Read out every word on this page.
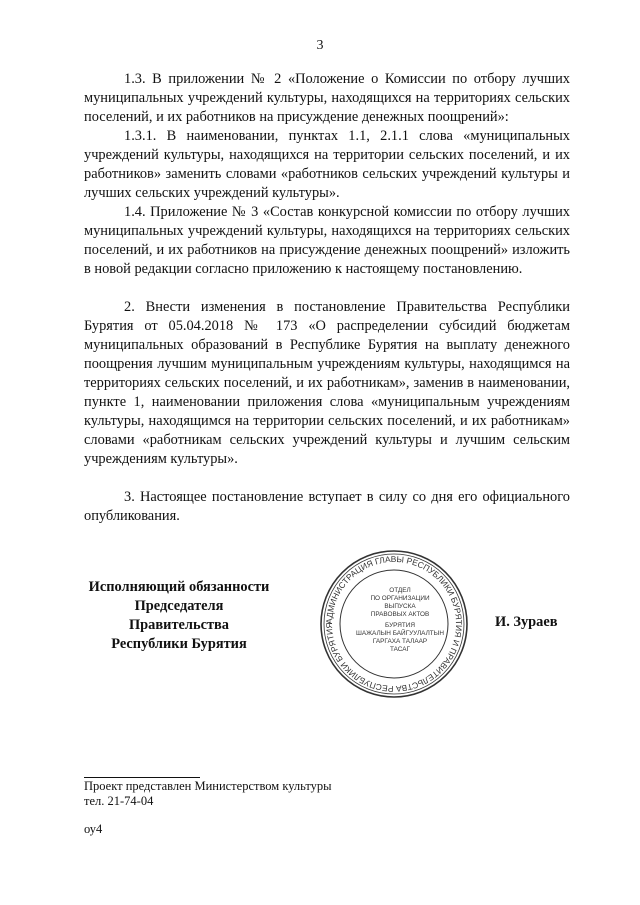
3

1.3. В приложении № 2 «Положение о Комиссии по отбору лучших муниципальных учреждений культуры, находящихся на территориях сельских поселений, и их работников на присуждение денежных поощрений»:

1.3.1. В наименовании, пунктах 1.1, 2.1.1 слова «муниципальных учреждений культуры, находящихся на территории сельских поселений, и их работников» заменить словами «работников сельских учреждений культуры и лучших сельских учреждений культуры».

1.4. Приложение № 3 «Состав конкурсной комиссии по отбору лучших муниципальных учреждений культуры, находящихся на территориях сельских поселений, и их работников на присуждение денежных поощрений» изложить в новой редакции согласно приложению к настоящему постановлению.

2. Внести изменения в постановление Правительства Республики Бурятия от 05.04.2018 № 173 «О распределении субсидий бюджетам муниципальных образований в Республике Бурятия на выплату денежного поощрения лучшим муниципальным учреждениям культуры, находящимся на территориях сельских поселений, и их работникам», заменив в наименовании, пункте 1, наименовании приложения слова «муниципальным учреждениям культуры, находящимся на территории сельских поселений, и их работникам» словами «работникам сельских учреждений культуры и лучшим сельским учреждениям культуры».

3. Настоящее постановление вступает в силу со дня его официального опубликования.

Исполняющий обязанности
Председателя Правительства
Республики Бурятия
АДМИНИСТРАЦИЯ ГЛАВЫ РЕСПУБЛИКИ БУРЯТИЯ И ПРАВИТЕЛЬСТВА РЕСПУБЛИКИ БУРЯТИЯ
ОТДЕЛ
ПО ОРГАНИЗАЦИИ
ВЫПУСКА
ПРАВОВЫХ АКТОВ
БУРЯТИЯ
ШАЖАЛЫН БАЙГУУЛАЛТЫН
ГАРГАХА ТАЛААР
ТАСАГ
И. Зураев
Проект представлен Министерством культуры
тел. 21-74-04
оу4
